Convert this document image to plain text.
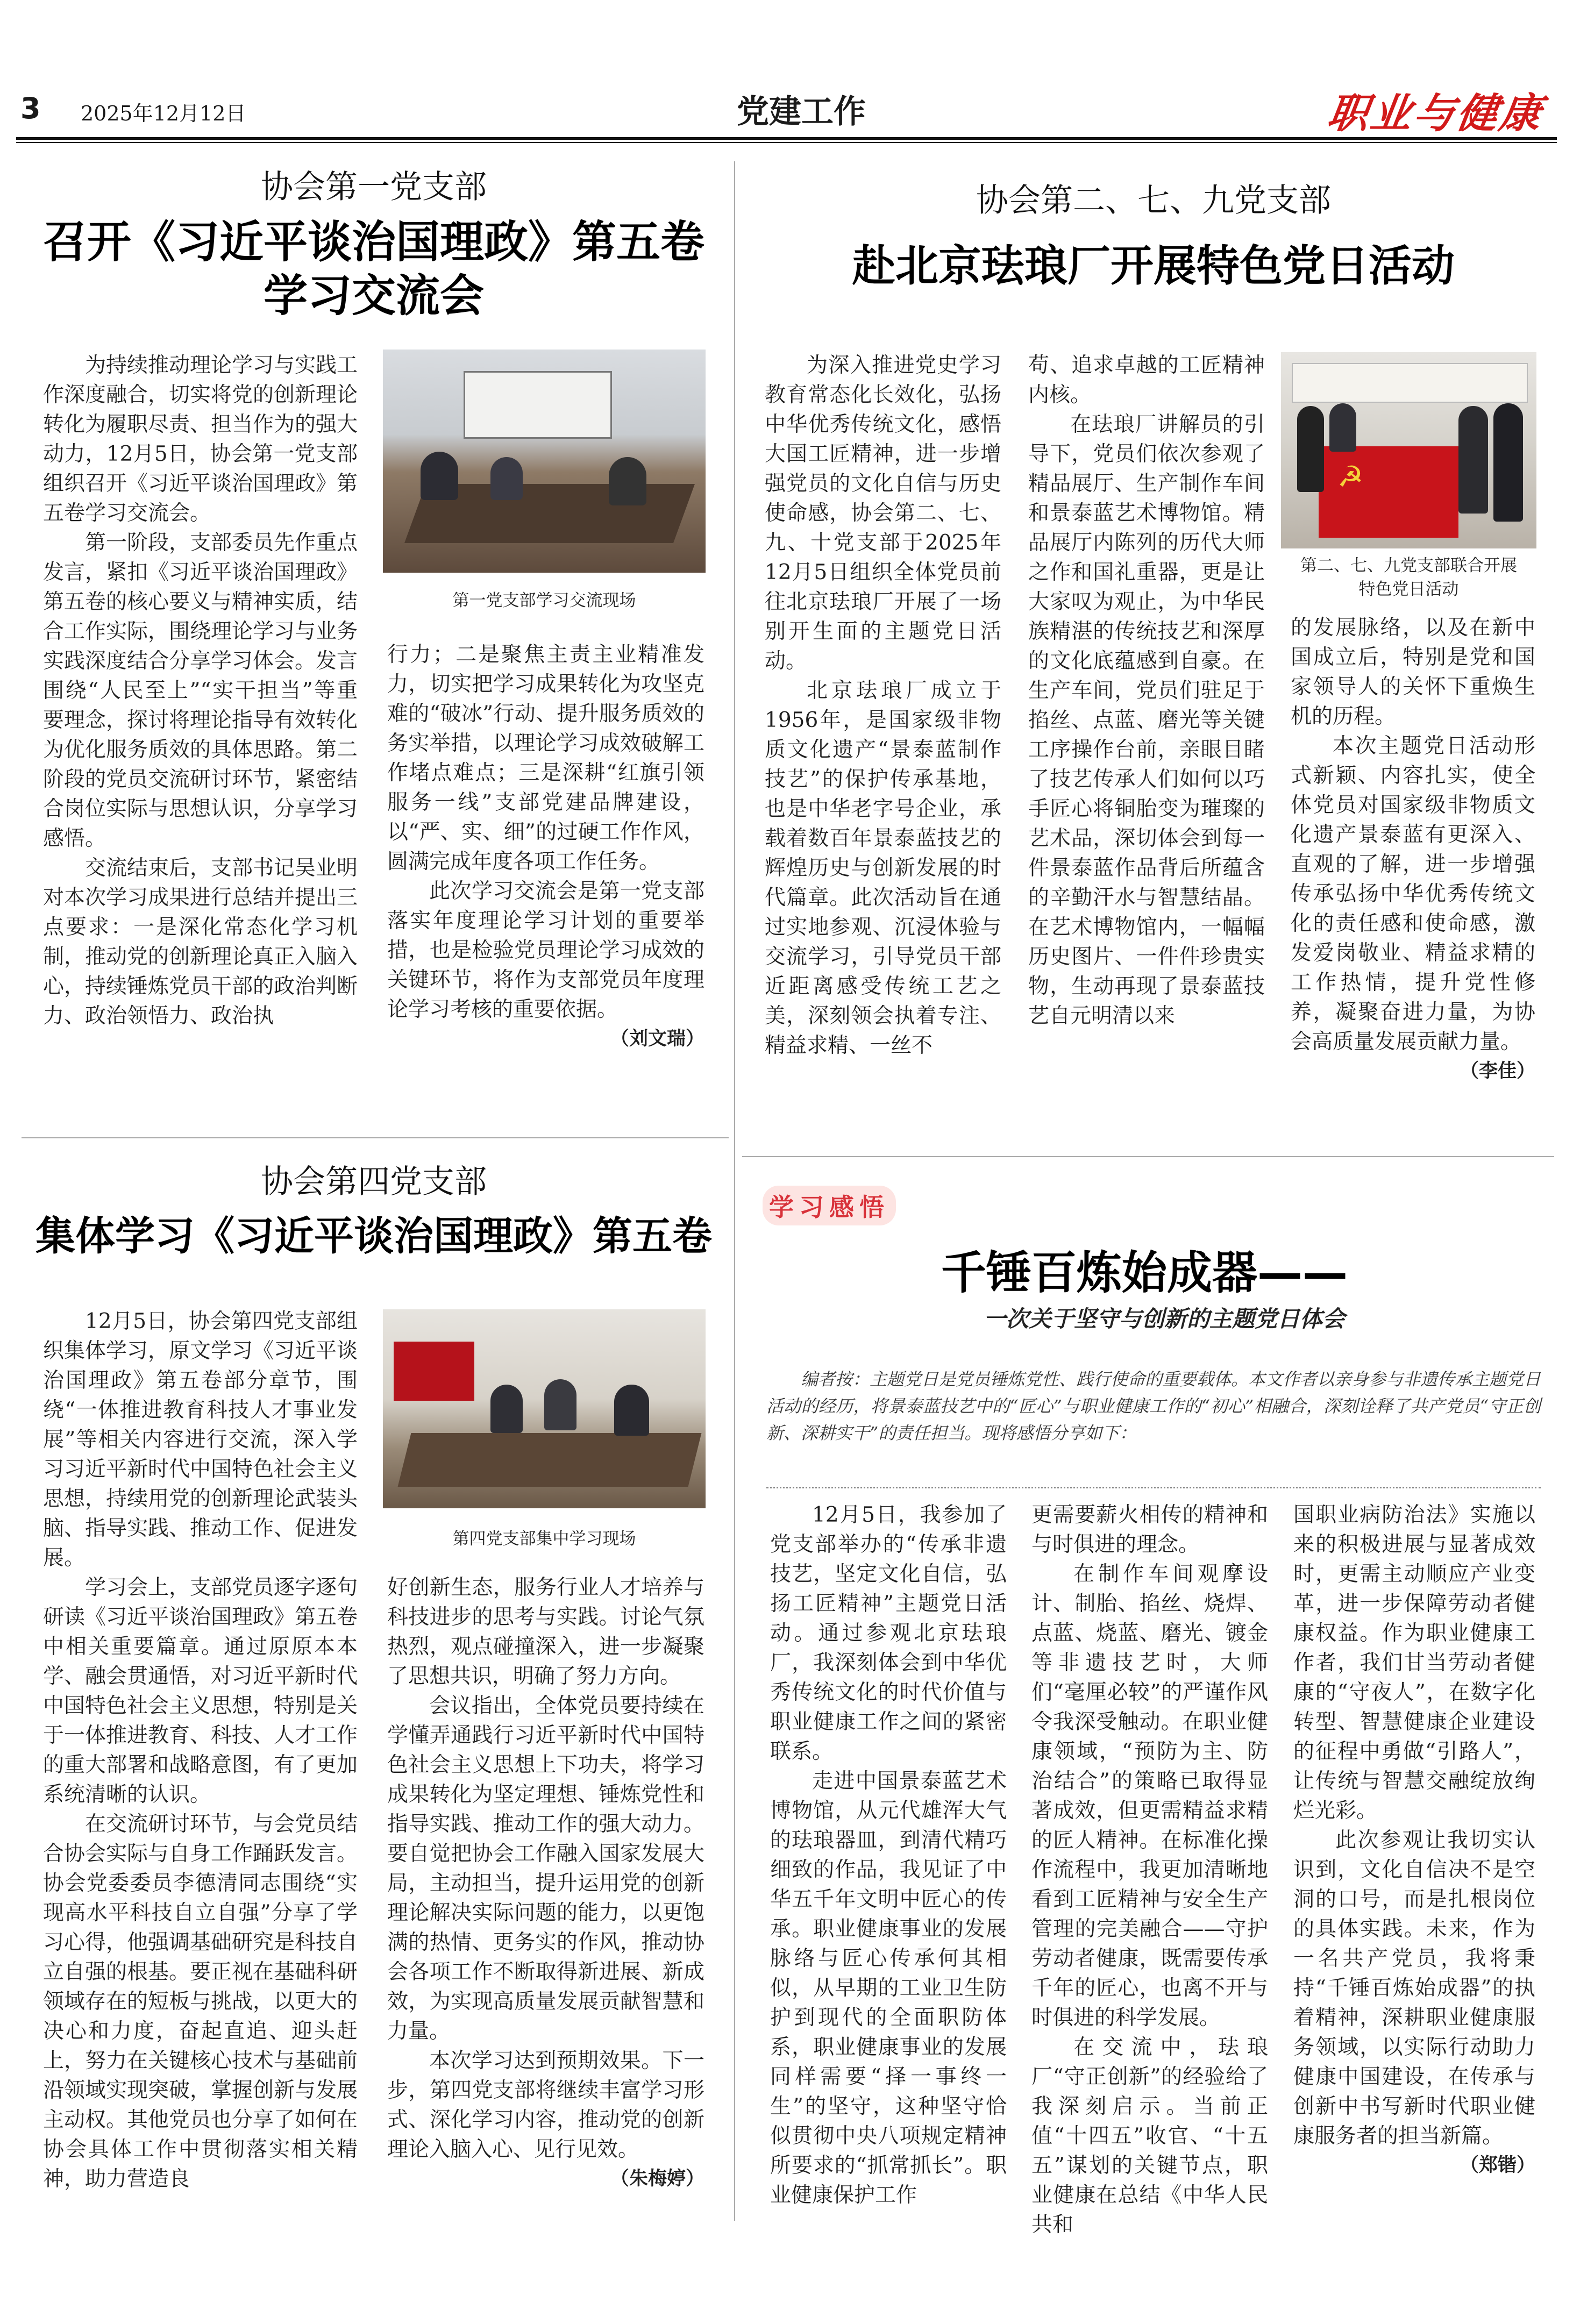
3 2025年12月12日	党建工作	职业与健康
协会第一党支部
召开《习近平谈治国理政》第五卷
学习交流会

为持续推动理论学习与实践工作深度融合，切实将党的创新理论转化为履职尽责、担当作为的强大动力，12月5日，协会第一党支部组织召开《习近平谈治国理政》第五卷学习交流会。

第一阶段，支部委员先作重点发言，紧扣《习近平谈治国理政》第五卷的核心要义与精神实质，结合工作实际，围绕理论学习与业务实践深度结合分享学习体会。发言围绕“人民至上”“实干担当”等重要理念，探讨将理论指导有效转化为优化服务质效的具体思路。第二阶段的党员交流研讨环节，紧密结合岗位实际与思想认识，分享学习感悟。

交流结束后，支部书记吴业明对本次学习成果进行总结并提出三点要求：一是深化常态化学习机制，推动党的创新理论真正入脑入心，持续锤炼党员干部的政治判断力、政治领悟力、政治执

第一党支部学习交流现场

行力；二是聚焦主责主业精准发力，切实把学习成果转化为攻坚克难的“破冰”行动、提升服务质效的务实举措，以理论学习成效破解工作堵点难点；三是深耕“红旗引领 服务一线”支部党建品牌建设，以“严、实、细”的过硬工作作风，圆满完成年度各项工作任务。

此次学习交流会是第一党支部落实年度理论学习计划的重要举措，也是检验党员理论学习成效的关键环节，将作为支部党员年度理论学习考核的重要依据。

（刘文瑞）
协会第二、七、九党支部
赴北京珐琅厂开展特色党日活动

为深入推进党史学习教育常态化长效化，弘扬中华优秀传统文化，感悟大国工匠精神，进一步增强党员的文化自信与历史使命感，协会第二、七、九、十党支部于2025年12月5日组织全体党员前往北京珐琅厂开展了一场别开生面的主题党日活动。

北京珐琅厂成立于1956年，是国家级非物质文化遗产“景泰蓝制作技艺”的保护传承基地，也是中华老字号企业，承载着数百年景泰蓝技艺的辉煌历史与创新发展的时代篇章。此次活动旨在通过实地参观、沉浸体验与交流学习，引导党员干部近距离感受传统工艺之美，深刻领会执着专注、精益求精、一丝不

苟、追求卓越的工匠精神内核。

在珐琅厂讲解员的引导下，党员们依次参观了精品展厅、生产制作车间和景泰蓝艺术博物馆。精品展厅内陈列的历代大师之作和国礼重器，更是让大家叹为观止，为中华民族精湛的传统技艺和深厚的文化底蕴感到自豪。在生产车间，党员们驻足于掐丝、点蓝、磨光等关键工序操作台前，亲眼目睹了技艺传承人们如何以巧手匠心将铜胎变为璀璨的艺术品，深切体会到每一件景泰蓝作品背后所蕴含的辛勤汗水与智慧结晶。在艺术博物馆内，一幅幅历史图片、一件件珍贵实物，生动再现了景泰蓝技艺自元明清以来

☭
第二、七、九党支部联合开展
特色党日活动

的发展脉络，以及在新中国成立后，特别是党和国家领导人的关怀下重焕生机的历程。

本次主题党日活动形式新颖、内容扎实，使全体党员对国家级非物质文化遗产景泰蓝有更深入、直观的了解，进一步增强传承弘扬中华优秀传统文化的责任感和使命感，激发爱岗敬业、精益求精的工作热情，提升党性修养，凝聚奋进力量，为协会高质量发展贡献力量。

（李佳）
协会第四党支部
集体学习《习近平谈治国理政》第五卷

12月5日，协会第四党支部组织集体学习，原文学习《习近平谈治国理政》第五卷部分章节，围绕“一体推进教育科技人才事业发展”等相关内容进行交流，深入学习习近平新时代中国特色社会主义思想，持续用党的创新理论武装头脑、指导实践、推动工作、促进发展。

学习会上，支部党员逐字逐句研读《习近平谈治国理政》第五卷中相关重要篇章。通过原原本本学、融会贯通悟，对习近平新时代中国特色社会主义思想，特别是关于一体推进教育、科技、人才工作的重大部署和战略意图，有了更加系统清晰的认识。

在交流研讨环节，与会党员结合协会实际与自身工作踊跃发言。协会党委委员李德清同志围绕“实现高水平科技自立自强”分享了学习心得，他强调基础研究是科技自立自强的根基。要正视在基础科研领域存在的短板与挑战，以更大的决心和力度，奋起直追、迎头赶上，努力在关键核心技术与基础前沿领域实现突破，掌握创新与发展主动权。其他党员也分享了如何在协会具体工作中贯彻落实相关精神，助力营造良

第四党支部集中学习现场

好创新生态，服务行业人才培养与科技进步的思考与实践。讨论气氛热烈，观点碰撞深入，进一步凝聚了思想共识，明确了努力方向。

会议指出，全体党员要持续在学懂弄通践行习近平新时代中国特色社会主义思想上下功夫，将学习成果转化为坚定理想、锤炼党性和指导实践、推动工作的强大动力。要自觉把协会工作融入国家发展大局，主动担当，提升运用党的创新理论解决实际问题的能力，以更饱满的热情、更务实的作风，推动协会各项工作不断取得新进展、新成效，为实现高质量发展贡献智慧和力量。

本次学习达到预期效果。下一步，第四党支部将继续丰富学习形式、深化学习内容，推动党的创新理论入脑入心、见行见效。

（朱梅婷）
学习感悟
千锤百炼始成器——
一次关于坚守与创新的主题党日体会
编者按：主题党日是党员锤炼党性、践行使命的重要载体。本文作者以亲身参与非遗传承主题党日活动的经历，将景泰蓝技艺中的“匠心”与职业健康工作的“初心”相融合，深刻诠释了共产党员“守正创新、深耕实干”的责任担当。现将感悟分享如下：

12月5日，我参加了党支部举办的“传承非遗技艺，坚定文化自信，弘扬工匠精神”主题党日活动。通过参观北京珐琅厂，我深刻体会到中华优秀传统文化的时代价值与职业健康工作之间的紧密联系。

走进中国景泰蓝艺术博物馆，从元代雄浑大气的珐琅器皿，到清代精巧细致的作品，我见证了中华五千年文明中匠心的传承。职业健康事业的发展脉络与匠心传承何其相似，从早期的工业卫生防护到现代的全面职防体系，职业健康事业的发展同样需要“择一事终一生”的坚守，这种坚守恰似贯彻中央八项规定精神所要求的“抓常抓长”。职业健康保护工作

更需要薪火相传的精神和与时俱进的理念。

在制作车间观摩设计、制胎、掐丝、烧焊、点蓝、烧蓝、磨光、镀金等非遗技艺时，大师们“毫厘必较”的严谨作风令我深受触动。在职业健康领域，“预防为主、防治结合”的策略已取得显著成效，但更需精益求精的匠人精神。在标准化操作流程中，我更加清晰地看到工匠精神与安全生产管理的完美融合——守护劳动者健康，既需要传承千年的匠心，也离不开与时俱进的科学发展。

在交流中，珐琅厂“守正创新”的经验给了我深刻启示。当前正值“十四五”收官、“十五五”谋划的关键节点，职业健康在总结《中华人民共和

国职业病防治法》实施以来的积极进展与显著成效时，更需主动顺应产业变革，进一步保障劳动者健康权益。作为职业健康工作者，我们甘当劳动者健康的“守夜人”，在数字化转型、智慧健康企业建设的征程中勇做“引路人”，让传统与智慧交融绽放绚烂光彩。

此次参观让我切实认识到，文化自信决不是空洞的口号，而是扎根岗位的具体实践。未来，作为一名共产党员，我将秉持“千锤百炼始成器”的执着精神，深耕职业健康服务领域，以实际行动助力健康中国建设，在传承与创新中书写新时代职业健康服务者的担当新篇。

（郑锴）
